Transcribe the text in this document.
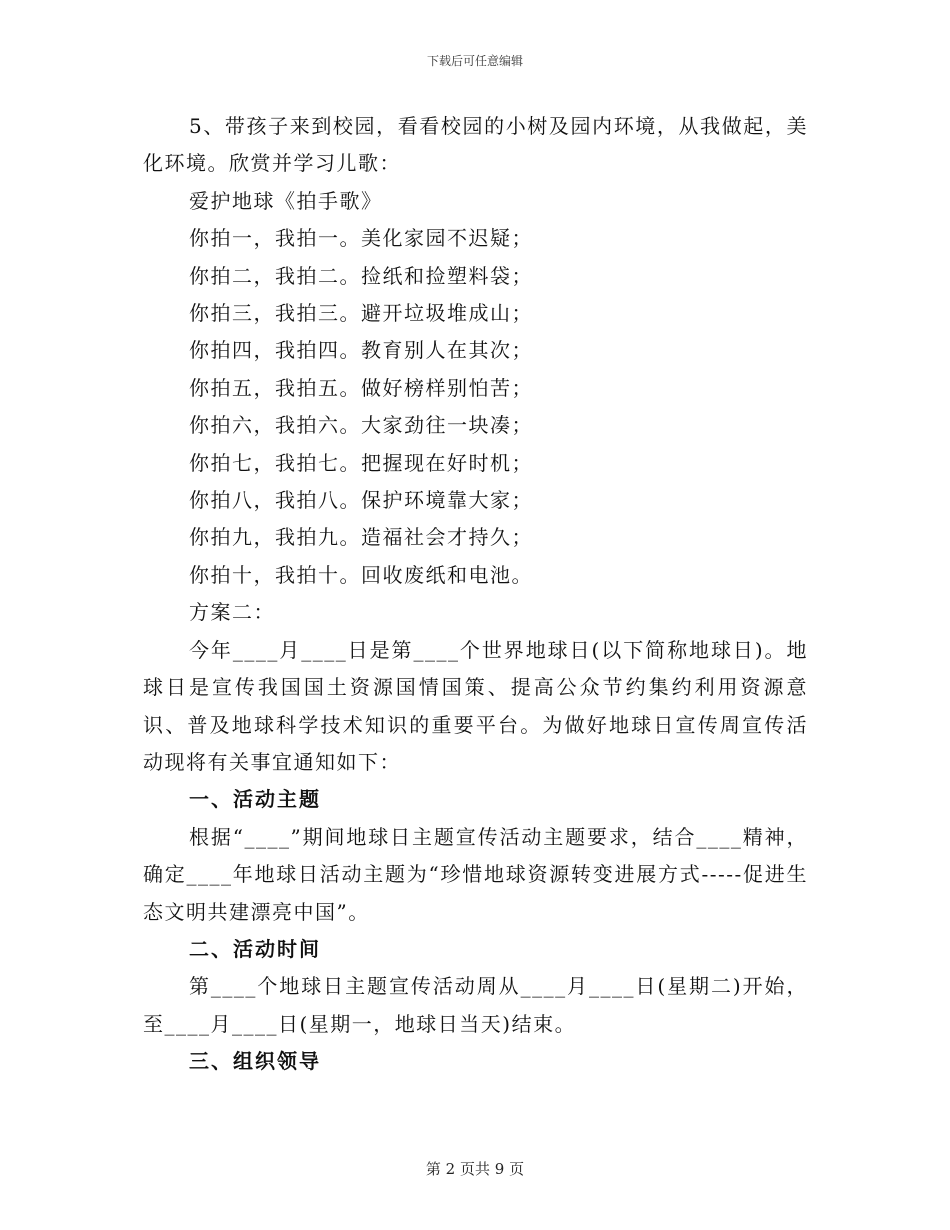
下载后可任意编辑

5、带孩子来到校园，看看校园的小树及园内环境，从我做起，美化环境。欣赏并学习儿歌：

爱护地球《拍手歌》

你拍一，我拍一。美化家园不迟疑；

你拍二，我拍二。捡纸和捡塑料袋；

你拍三，我拍三。避开垃圾堆成山；

你拍四，我拍四。教育别人在其次；

你拍五，我拍五。做好榜样别怕苦；

你拍六，我拍六。大家劲往一块凑；

你拍七，我拍七。把握现在好时机；

你拍八，我拍八。保护环境靠大家；

你拍九，我拍九。造福社会才持久；

你拍十，我拍十。回收废纸和电池。

方案二：

今年____月____日是第____个世界地球日(以下简称地球日)。地球日是宣传我国国土资源国情国策、提高公众节约集约利用资源意识、普及地球科学技术知识的重要平台。为做好地球日宣传周宣传活动现将有关事宜通知如下：

一、活动主题

根据“____”期间地球日主题宣传活动主题要求，结合____精神，确定____年地球日活动主题为“珍惜地球资源转变进展方式-----促进生态文明共建漂亮中国”。

二、活动时间

第____个地球日主题宣传活动周从____月____日(星期二)开始，至____月____日(星期一，地球日当天)结束。

三、组织领导

第 2 页共 9 页
